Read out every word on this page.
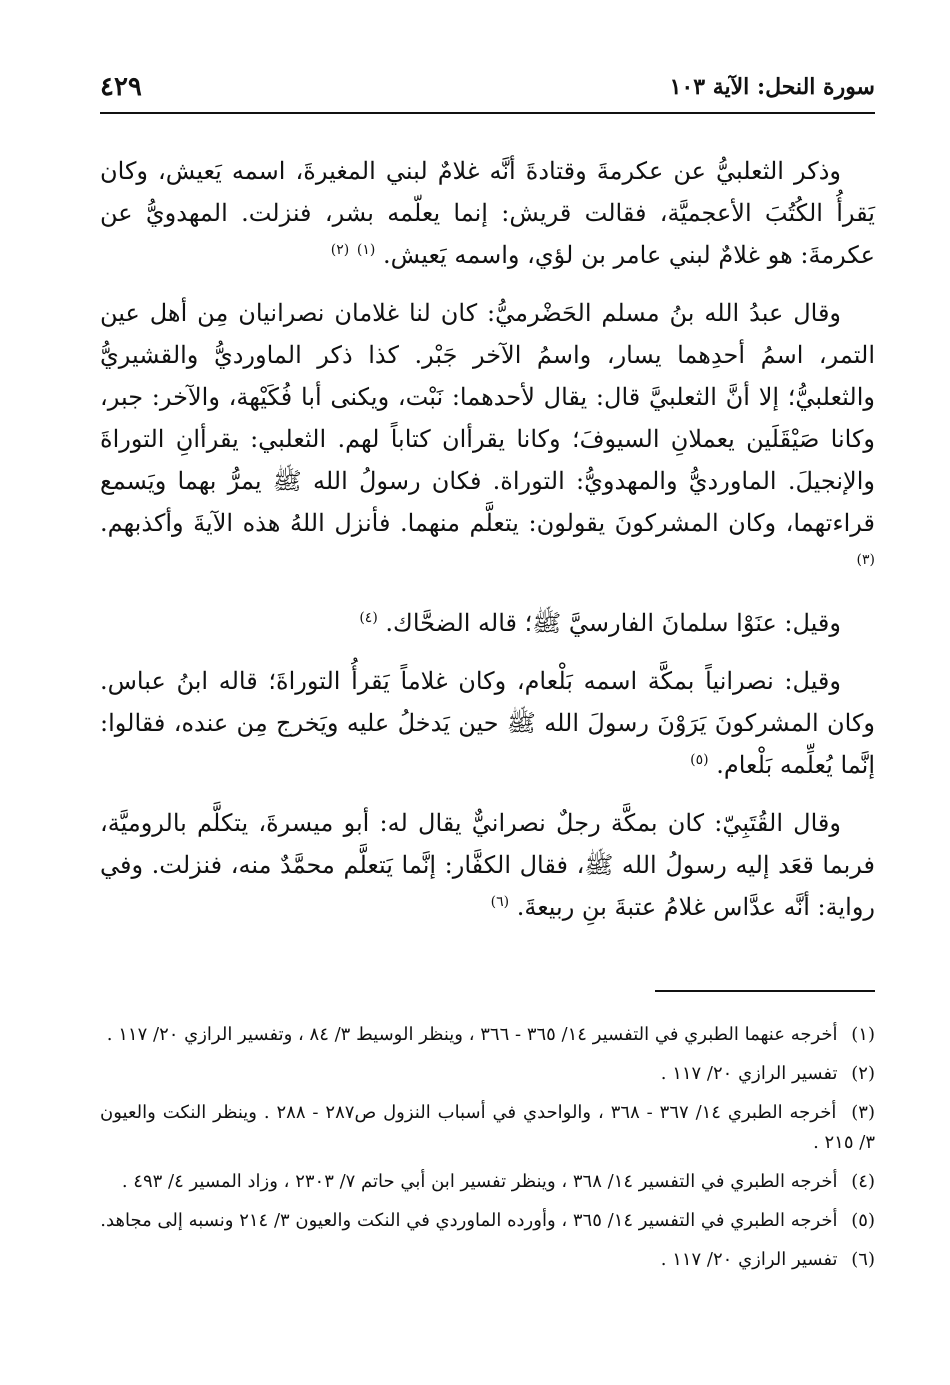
سورة النحل: الآية ١٠٣
٤٢٩

وذكر الثعلبيُّ عن عكرمةَ وقتادةَ أنَّه غلامٌ لبني المغيرةَ، اسمه يَعيش، وكان يَقرأُ الكُتُبَ الأعجميَّة، فقالت قريش: إنما يعلّمه بشر، فنزلت. المهدويُّ عن عكرمةَ: هو غلامٌ لبني عامر بن لؤي، واسمه يَعيش. $^{(١)}$ $^{(٢)}$

وقال عبدُ الله بنُ مسلم الحَضْرميُّ: كان لنا غلامان نصرانيان مِن أهل عين التمر، اسمُ أحدِهما يسار، واسمُ الآخر جَبْر. كذا ذكر الماورديُّ والقشيريُّ والثعلبيُّ؛ إلا أنَّ الثعلبيَّ قال: يقال لأحدهما: نَبْت، ويكنى أبا فُكَيْهة، والآخر: جبر، وكانا صَيْقَلَين يعملانِ السيوفَ؛ وكانا يقرأان كتاباً لهم. الثعلبي: يقرأانِ التوراةَ والإنجيلَ. الماورديُّ والمهدويُّ: التوراة. فكان رسولُ الله ﷺ يمرُّ بهما ويَسمع قراءتهما، وكان المشركونَ يقولون: يتعلَّم منهما. فأنزل اللهُ هذه الآيةَ وأكذبهم. $^{(٣)}$

وقيل: عنَوْا سلمانَ الفارسيَّ ﷺ؛ قاله الضحَّاك. $^{(٤)}$

وقيل: نصرانياً بمكَّة اسمه بَلْعام، وكان غلاماً يَقرأُ التوراةَ؛ قاله ابنُ عباس. وكان المشركونَ يَرَوْنَ رسولَ الله ﷺ حين يَدخلُ عليه ويَخرج مِن عنده، فقالوا: إنَّما يُعلِّمه بَلْعام. $^{(٥)}$

وقال القُتَبِيّ: كان بمكَّة رجلٌ نصرانيٌّ يقال له: أبو ميسرةَ، يتكلَّم بالروميَّة، فربما قعَد إليه رسولُ الله ﷺ، فقال الكفَّار: إنَّما يَتعلَّم محمَّدٌ منه، فنزلت. وفي رواية: أنَّه عدَّاس غلامُ عتبةَ بنِ ربيعةَ. $^{(٦)}$

(١) أخرجه عنهما الطبري في التفسير ١٤/ ٣٦٥ - ٣٦٦ ، وينظر الوسيط ٣/ ٨٤ ، وتفسير الرازي ٢٠/ ١١٧ .
(٢) تفسير الرازي ٢٠/ ١١٧ .
(٣) أخرجه الطبري ١٤/ ٣٦٧ - ٣٦٨ ، والواحدي في أسباب النزول ص٢٨٧ - ٢٨٨ . وينظر النكت والعيون ٣/ ٢١٥ .
(٤) أخرجه الطبري في التفسير ١٤/ ٣٦٨ ، وينظر تفسير ابن أبي حاتم ٧/ ٢٣٠٣ ، وزاد المسير ٤/ ٤٩٣ .
(٥) أخرجه الطبري في التفسير ١٤/ ٣٦٥ ، وأورده الماوردي في النكت والعيون ٣/ ٢١٤ ونسبه إلى مجاهد.
(٦) تفسير الرازي ٢٠/ ١١٧ .
